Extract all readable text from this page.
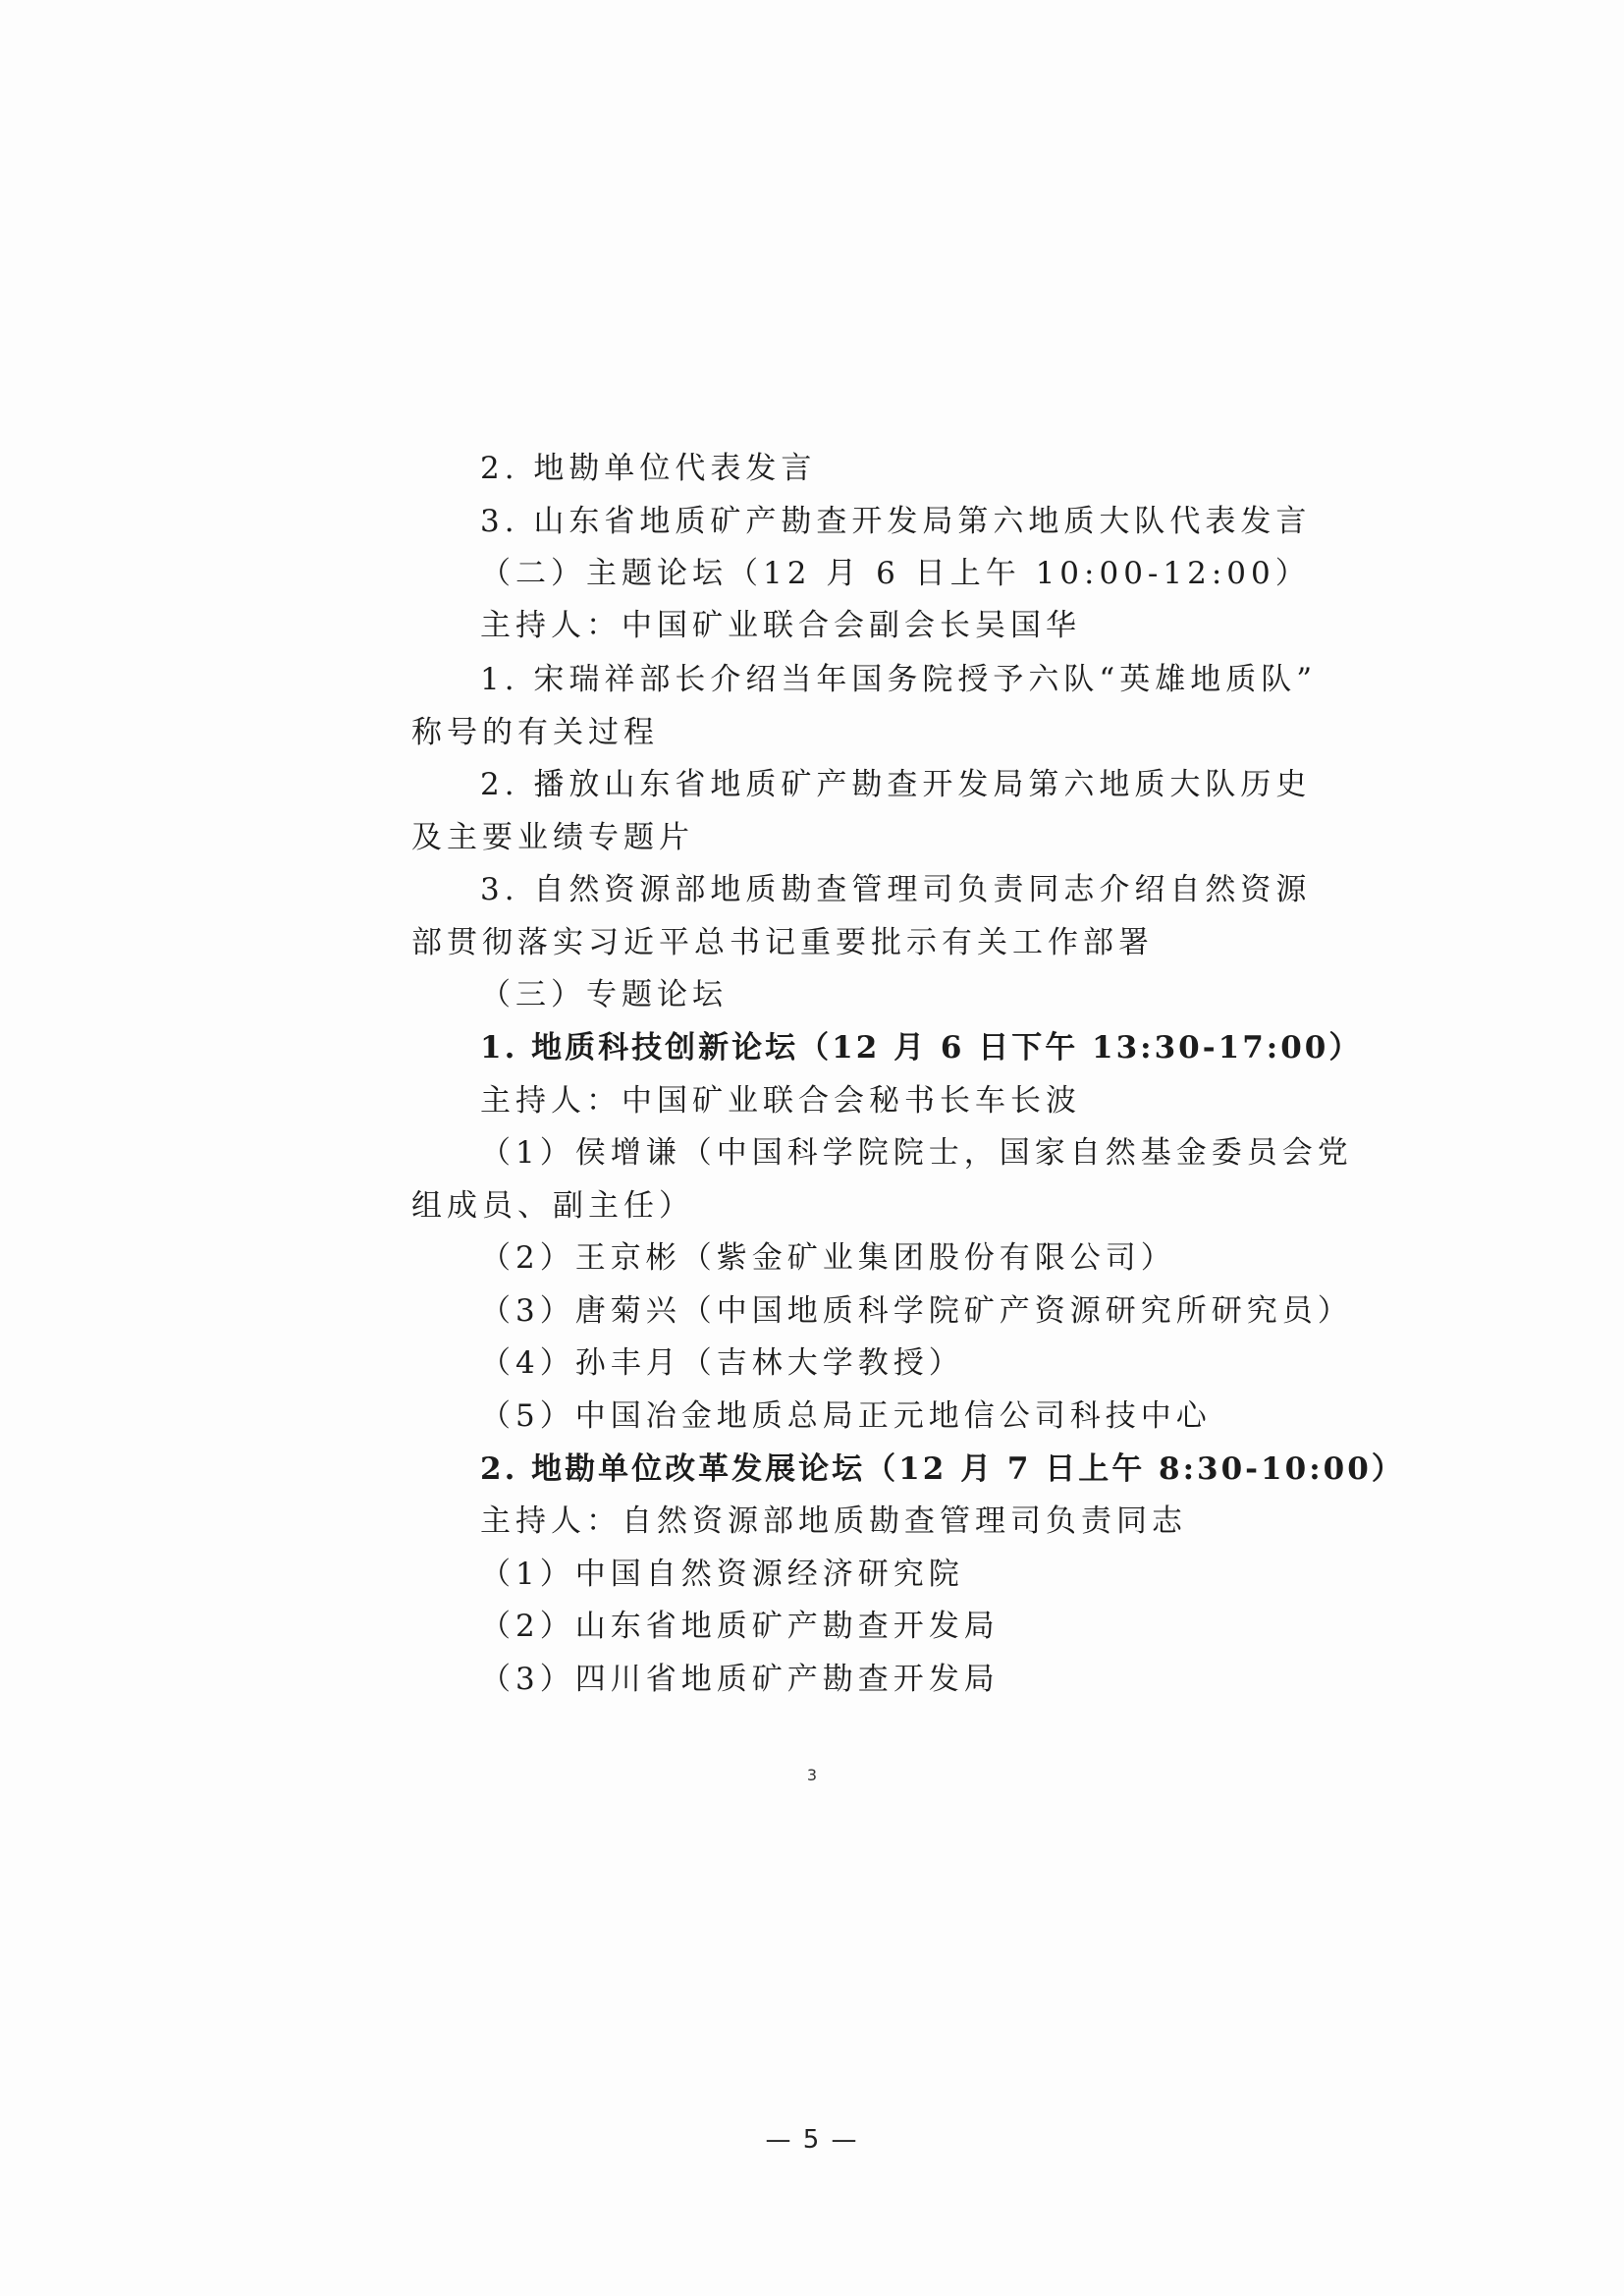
2. 地勘单位代表发言
3. 山东省地质矿产勘查开发局第六地质大队代表发言
（二）主题论坛（12 月 6 日上午 10:00-12:00）
主持人：中国矿业联合会副会长吴国华
1. 宋瑞祥部长介绍当年国务院授予六队“英雄地质队”
称号的有关过程
2. 播放山东省地质矿产勘查开发局第六地质大队历史
及主要业绩专题片
3. 自然资源部地质勘查管理司负责同志介绍自然资源
部贯彻落实习近平总书记重要批示有关工作部署
（三）专题论坛
1. 地质科技创新论坛（12 月 6 日下午 13:30-17:00）
主持人：中国矿业联合会秘书长车长波
（1）侯增谦（中国科学院院士，国家自然基金委员会党
组成员、副主任）
（2）王京彬（紫金矿业集团股份有限公司）
（3）唐菊兴（中国地质科学院矿产资源研究所研究员）
（4）孙丰月（吉林大学教授）
（5）中国冶金地质总局正元地信公司科技中心
2. 地勘单位改革发展论坛（12 月 7 日上午 8:30-10:00）
主持人：自然资源部地质勘查管理司负责同志
（1）中国自然资源经济研究院
（2）山东省地质矿产勘查开发局
（3）四川省地质矿产勘查开发局
3
— 5 —
